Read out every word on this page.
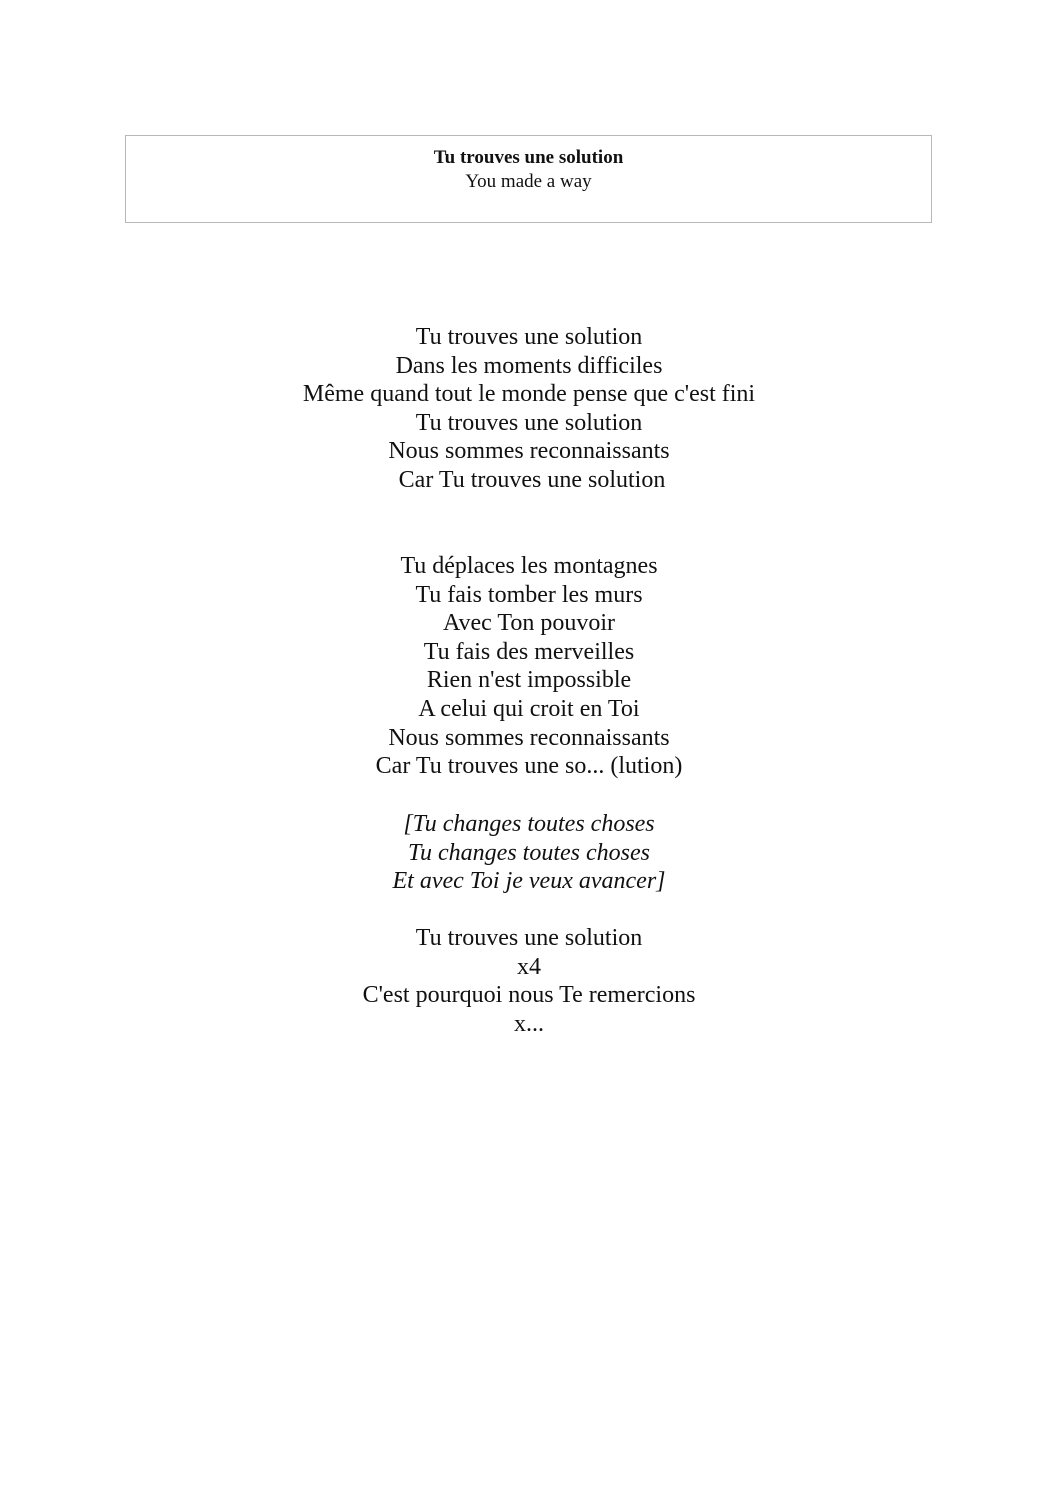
Tu trouves une solution
You made a way
Tu trouves une solution
Dans les moments difficiles
Même quand tout le monde pense que c'est fini
Tu trouves une solution
Nous sommes reconnaissants
Car Tu trouves une solution
Tu déplaces les montagnes
Tu fais tomber les murs
Avec Ton pouvoir
Tu fais des merveilles
Rien n'est impossible
A celui qui croit en Toi
Nous sommes reconnaissants
Car Tu trouves une so... (lution)
[Tu changes toutes choses
Tu changes toutes choses
Et avec Toi je veux avancer]
Tu trouves une solution
x4
C'est pourquoi nous Te remercions
x...
